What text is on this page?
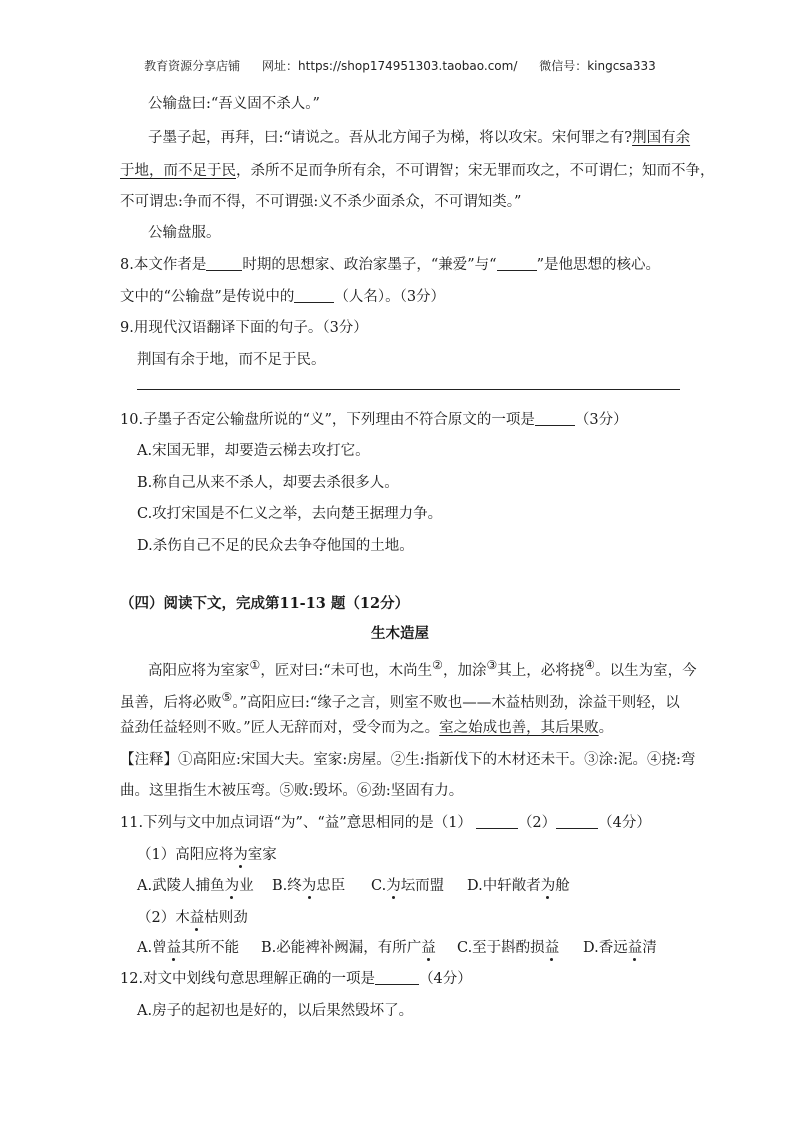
教育资源分享店铺 网址：https://shop174951303.taobao.com/ 微信号：kingcsa333
公输盘曰:“吾义固不杀人。”
子墨子起，再拜，曰:“请说之。吾从北方闻子为梯，将以攻宋。宋何罪之有?荆国有余
于地，而不足于民，杀所不足而争所有余，不可谓智；宋无罪而攻之，不可谓仁；知而不争，
不可谓忠:争而不得，不可谓强:义不杀少面杀众，不可谓知类。”
公输盘服。
8.本文作者是 时期的思想家、政治家墨子，“兼爱”与“	”是他思想的核心。
文中的“公输盘”是传说中的	（人名）。（3分）
9.用现代汉语翻译下面的句子。（3分）
荆国有余于地，而不足于民。
10.子墨子否定公输盘所说的“义”，下列理由不符合原文的一项是	（3分）
A.宋国无罪，却要造云梯去攻打它。
B.称自己从来不杀人，却要去杀很多人。
C.攻打宋国是不仁义之举，去向楚王据理力争。
D.杀伤自己不足的民众去争夺他国的土地。
（四）阅读下文，完成第11-13 题（12分）
生木造屋
高阳应将为室家①，匠对曰:“未可也，木尚生②，加涂③其上，必将挠④。以生为室，今
虽善，后将必败⑤。”高阳应曰:“缘子之言，则室不败也——木益枯则劲，涂益干则轻，以
益劲任益轻则不败。”匠人无辞而对，受令而为之。室之始成也善，其后果败。
【注释】①高阳应:宋国大夫。室家:房屋。②生:指新伐下的木材还未干。③涂:泥。④挠:弯
曲。这里指生木被压弯。⑤败:毁坏。⑥劲:坚固有力。
11.下列与文中加点词语“为”、“益”意思相同的是（1）	（2）	（4分）
（1）高阳应将为室家
A.武陵人捕鱼为业 B.终为忠臣 C.为坛而盟 D.中轩敞者为舱
（2）木益枯则劲
A.曾益其所不能 B.必能裨补阙漏，有所广益 C.至于斟酌损益 D.香远益清
12.对文中划线句意思理解正确的一项是	（4分）
A.房子的起初也是好的，以后果然毁坏了。
